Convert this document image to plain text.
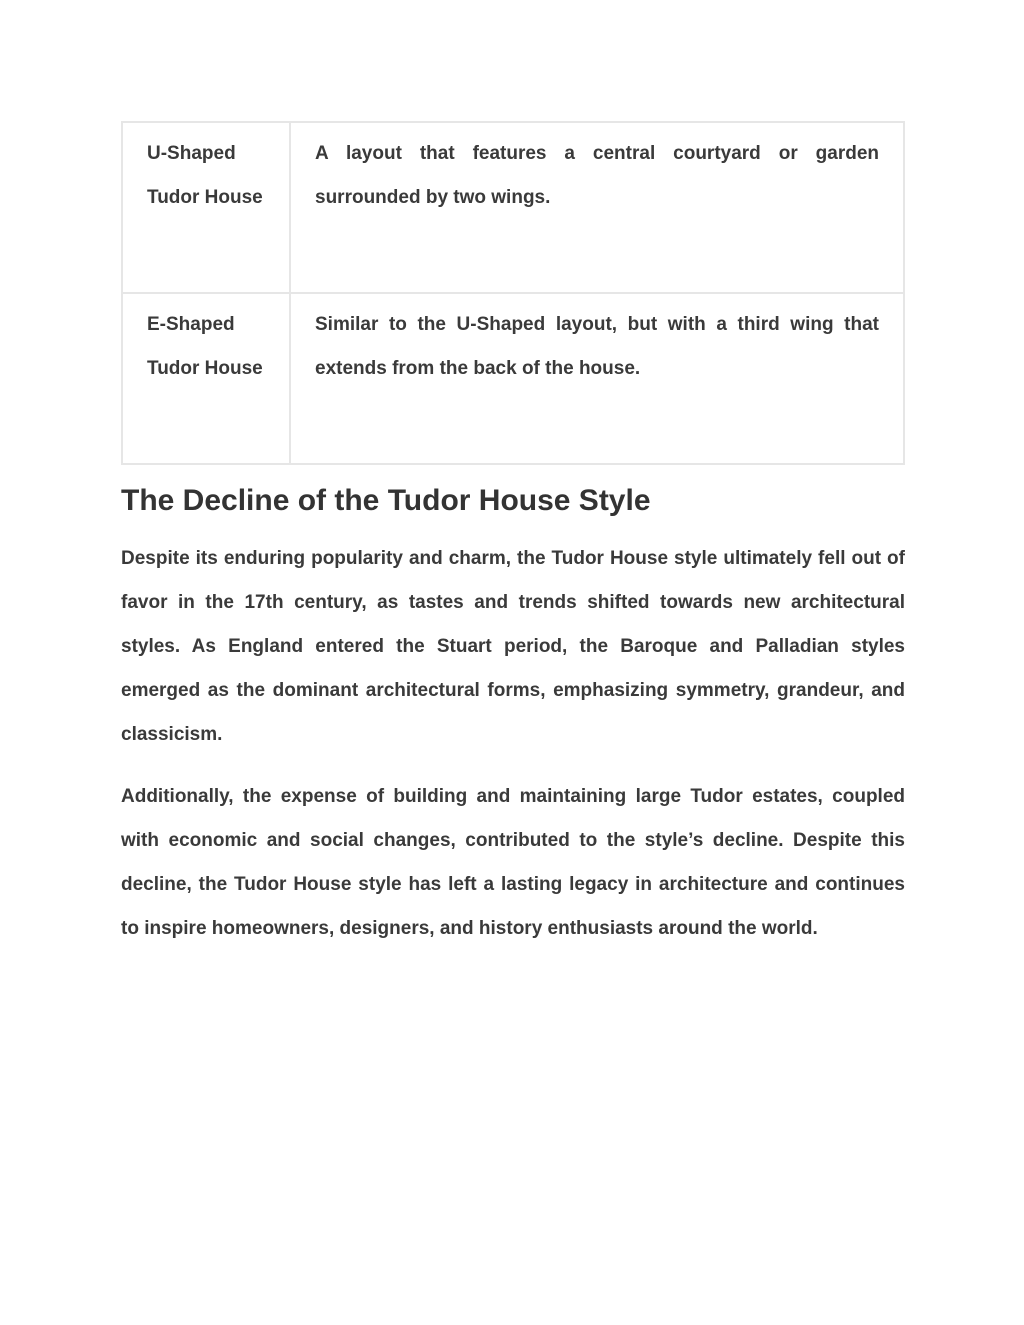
U-Shaped Tudor House	A layout that features a central courtyard or garden surrounded by two wings.
E-Shaped Tudor House	Similar to the U-Shaped layout, but with a third wing that extends from the back of the house.
The Decline of the Tudor House Style

Despite its enduring popularity and charm, the Tudor House style ultimately fell out of favor in the 17th century, as tastes and trends shifted towards new architectural styles. As England entered the Stuart period, the Baroque and Palladian styles emerged as the dominant architectural forms, emphasizing symmetry, grandeur, and classicism.

Additionally, the expense of building and maintaining large Tudor estates, coupled with economic and social changes, contributed to the style’s decline. Despite this decline, the Tudor House style has left a lasting legacy in architecture and continues to inspire homeowners, designers, and history enthusiasts around the world.
